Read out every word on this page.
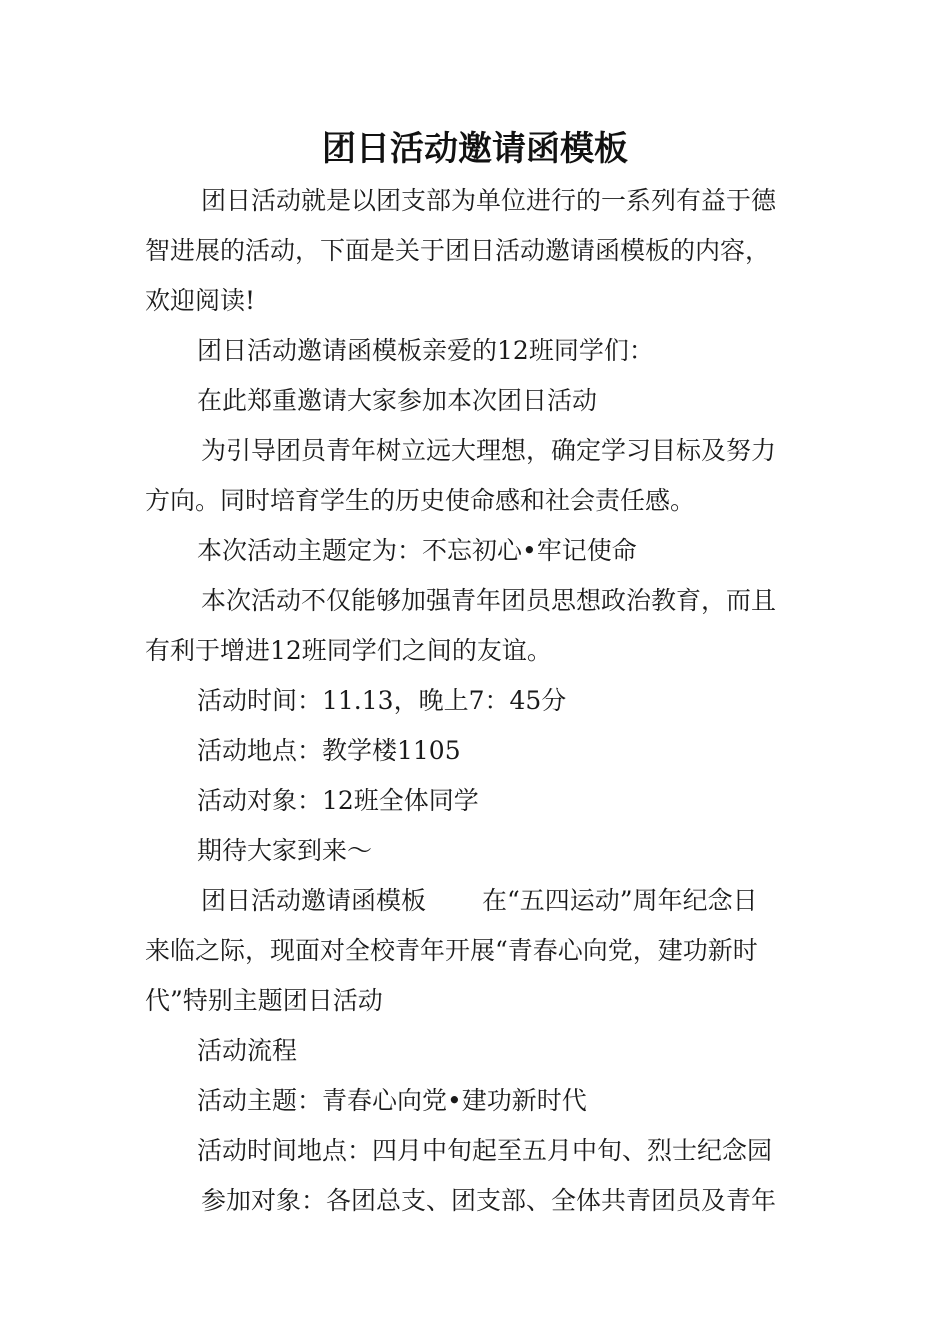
团日活动邀请函模板
团日活动就是以团支部为单位进行的一系列有益于德
智进展的活动，下面是关于团日活动邀请函模板的内容，
欢迎阅读!
团日活动邀请函模板亲爱的12班同学们：
在此郑重邀请大家参加本次团日活动
为引导团员青年树立远大理想，确定学习目标及努力
方向。同时培育学生的历史使命感和社会责任感。
本次活动主题定为：不忘初心•牢记使命
本次活动不仅能够加强青年团员思想政治教育，而且
有利于增进12班同学们之间的友谊。
活动时间：11.13，晚上7：45分
活动地点：教学楼1105
活动对象：12班全体同学
期待大家到来～
团日活动邀请函模板 在“五四运动”周年纪念日
来临之际，现面对全校青年开展“青春心向党，建功新时
代”特别主题团日活动
活动流程
活动主题：青春心向党•建功新时代
活动时间地点：四月中旬起至五月中旬、烈士纪念园
参加对象：各团总支、团支部、全体共青团员及青年
